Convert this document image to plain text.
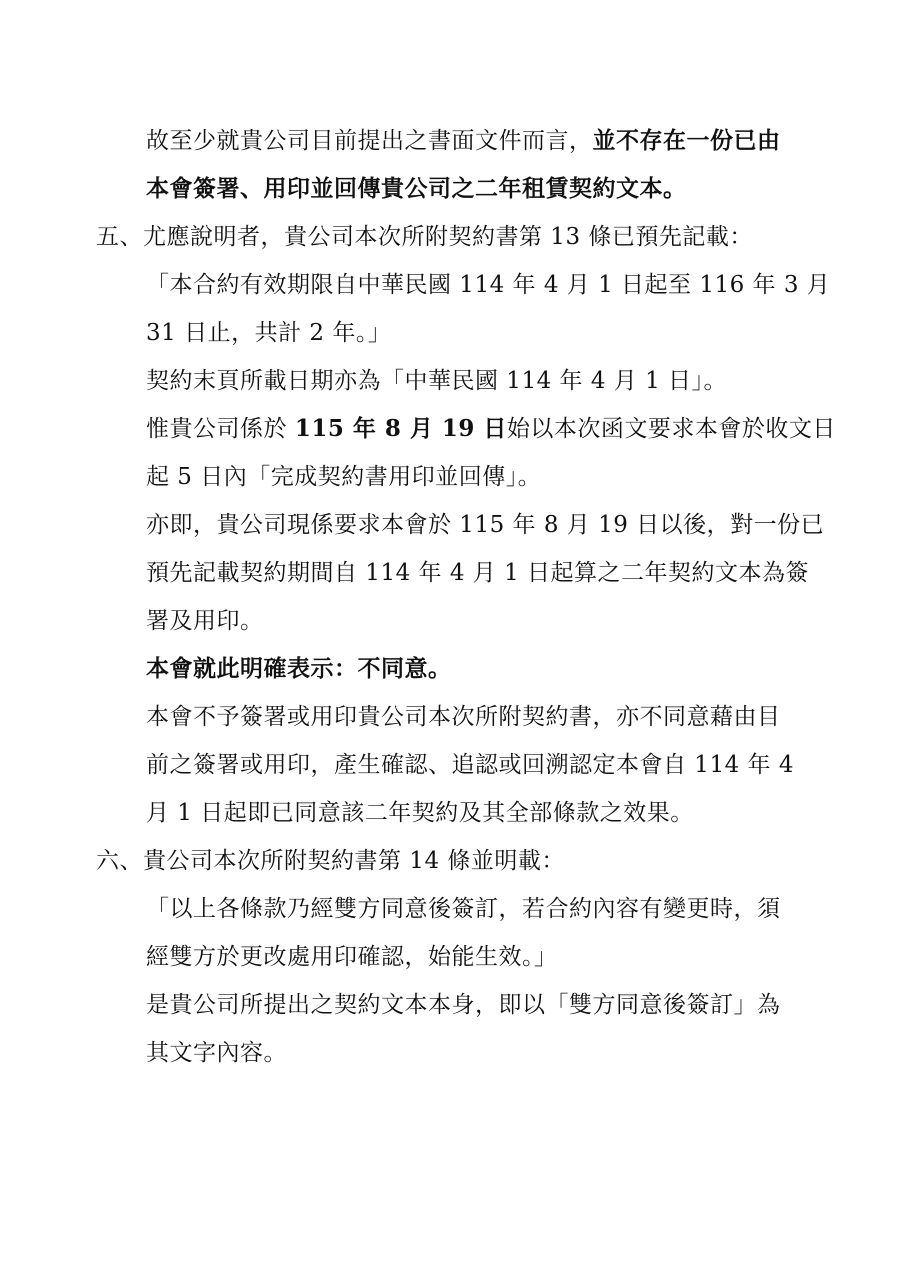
故至少就貴公司目前提出之書面文件而言，並不存在一份已由
本會簽署、用印並回傳貴公司之二年租賃契約文本。
五、尤應說明者，貴公司本次所附契約書第 13 條已預先記載：
「本合約有效期限自中華民國 114 年 4 月 1 日起至 116 年 3 月
31 日止，共計 2 年。」
契約末頁所載日期亦為「中華民國 114 年 4 月 1 日」。
惟貴公司係於 115 年 8 月 19 日始以本次函文要求本會於收文日
起 5 日內「完成契約書用印並回傳」。
亦即，貴公司現係要求本會於 115 年 8 月 19 日以後，對一份已
預先記載契約期間自 114 年 4 月 1 日起算之二年契約文本為簽
署及用印。
本會就此明確表示：不同意。
本會不予簽署或用印貴公司本次所附契約書，亦不同意藉由目
前之簽署或用印，產生確認、追認或回溯認定本會自 114 年 4
月 1 日起即已同意該二年契約及其全部條款之效果。
六、貴公司本次所附契約書第 14 條並明載：
「以上各條款乃經雙方同意後簽訂，若合約內容有變更時，須
經雙方於更改處用印確認，始能生效。」
是貴公司所提出之契約文本本身，即以「雙方同意後簽訂」為
其文字內容。
